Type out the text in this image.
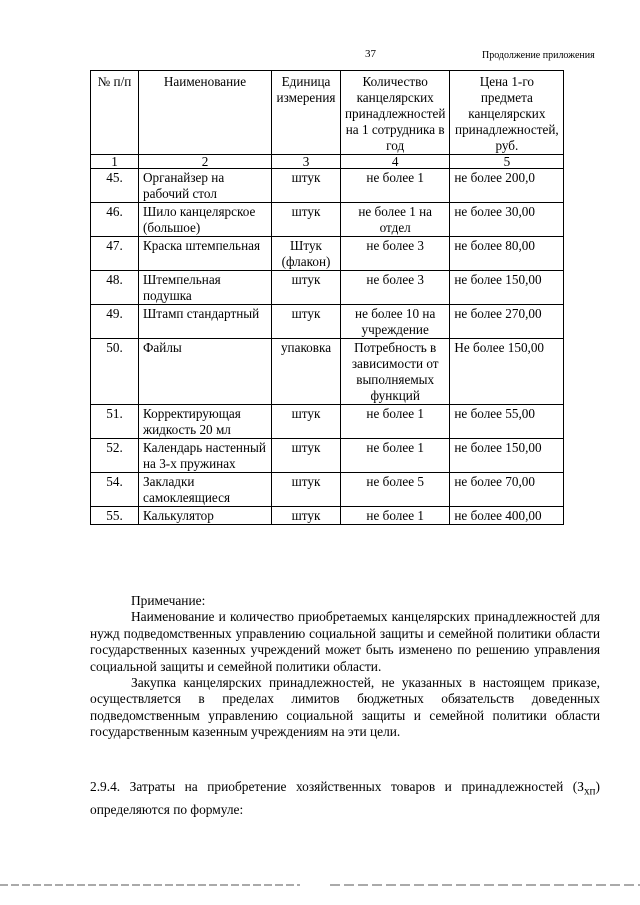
37	Продолжение приложения
№ п/п	Наименование	Единица измерения	Количество канцелярских принадлежностей на 1 сотрудника в год	Цена 1-го предмета канцелярских принадлежностей, руб.
1	2	3	4	5
45.	Органайзер на рабочий стол	штук	не более 1	не более 200,0
46.	Шило канцелярское (большое)	штук	не более 1 на отдел	не более 30,00
47.	Краска штемпельная	Штук (флакон)	не более 3	не более 80,00
48.	Штемпельная подушка	штук	не более 3	не более 150,00
49.	Штамп стандартный	штук	не более 10 на учреждение	не более 270,00
50.	Файлы	упаковка	Потребность в зависимости от выполняемых функций	Не более 150,00
51.	Корректирующая жидкость 20 мл	штук	не более 1	не более 55,00
52.	Календарь настенный на 3-х пружинах	штук	не более 1	не более 150,00
54.	Закладки самоклеящиеся	штук	не более 5	не более 70,00
55.	Калькулятор	штук	не более 1	не более 400,00

Примечание:

Наименование и количество приобретаемых канцелярских принадлежностей для нужд подведомственных управлению социальной защиты и семейной политики области государственных казенных учреждений может быть изменено по решению управления социальной защиты и семейной политики области.

Закупка канцелярских принадлежностей, не указанных в настоящем приказе, осуществляется в пределах лимитов бюджетных обязательств доведенных подведомственным управлению социальной защиты и семейной политики области государственным казенным учреждениям на эти цели.

2.9.4. Затраты на приобретение хозяйственных товаров и принадлежностей $(З_{хп})$ определяются по формуле:
